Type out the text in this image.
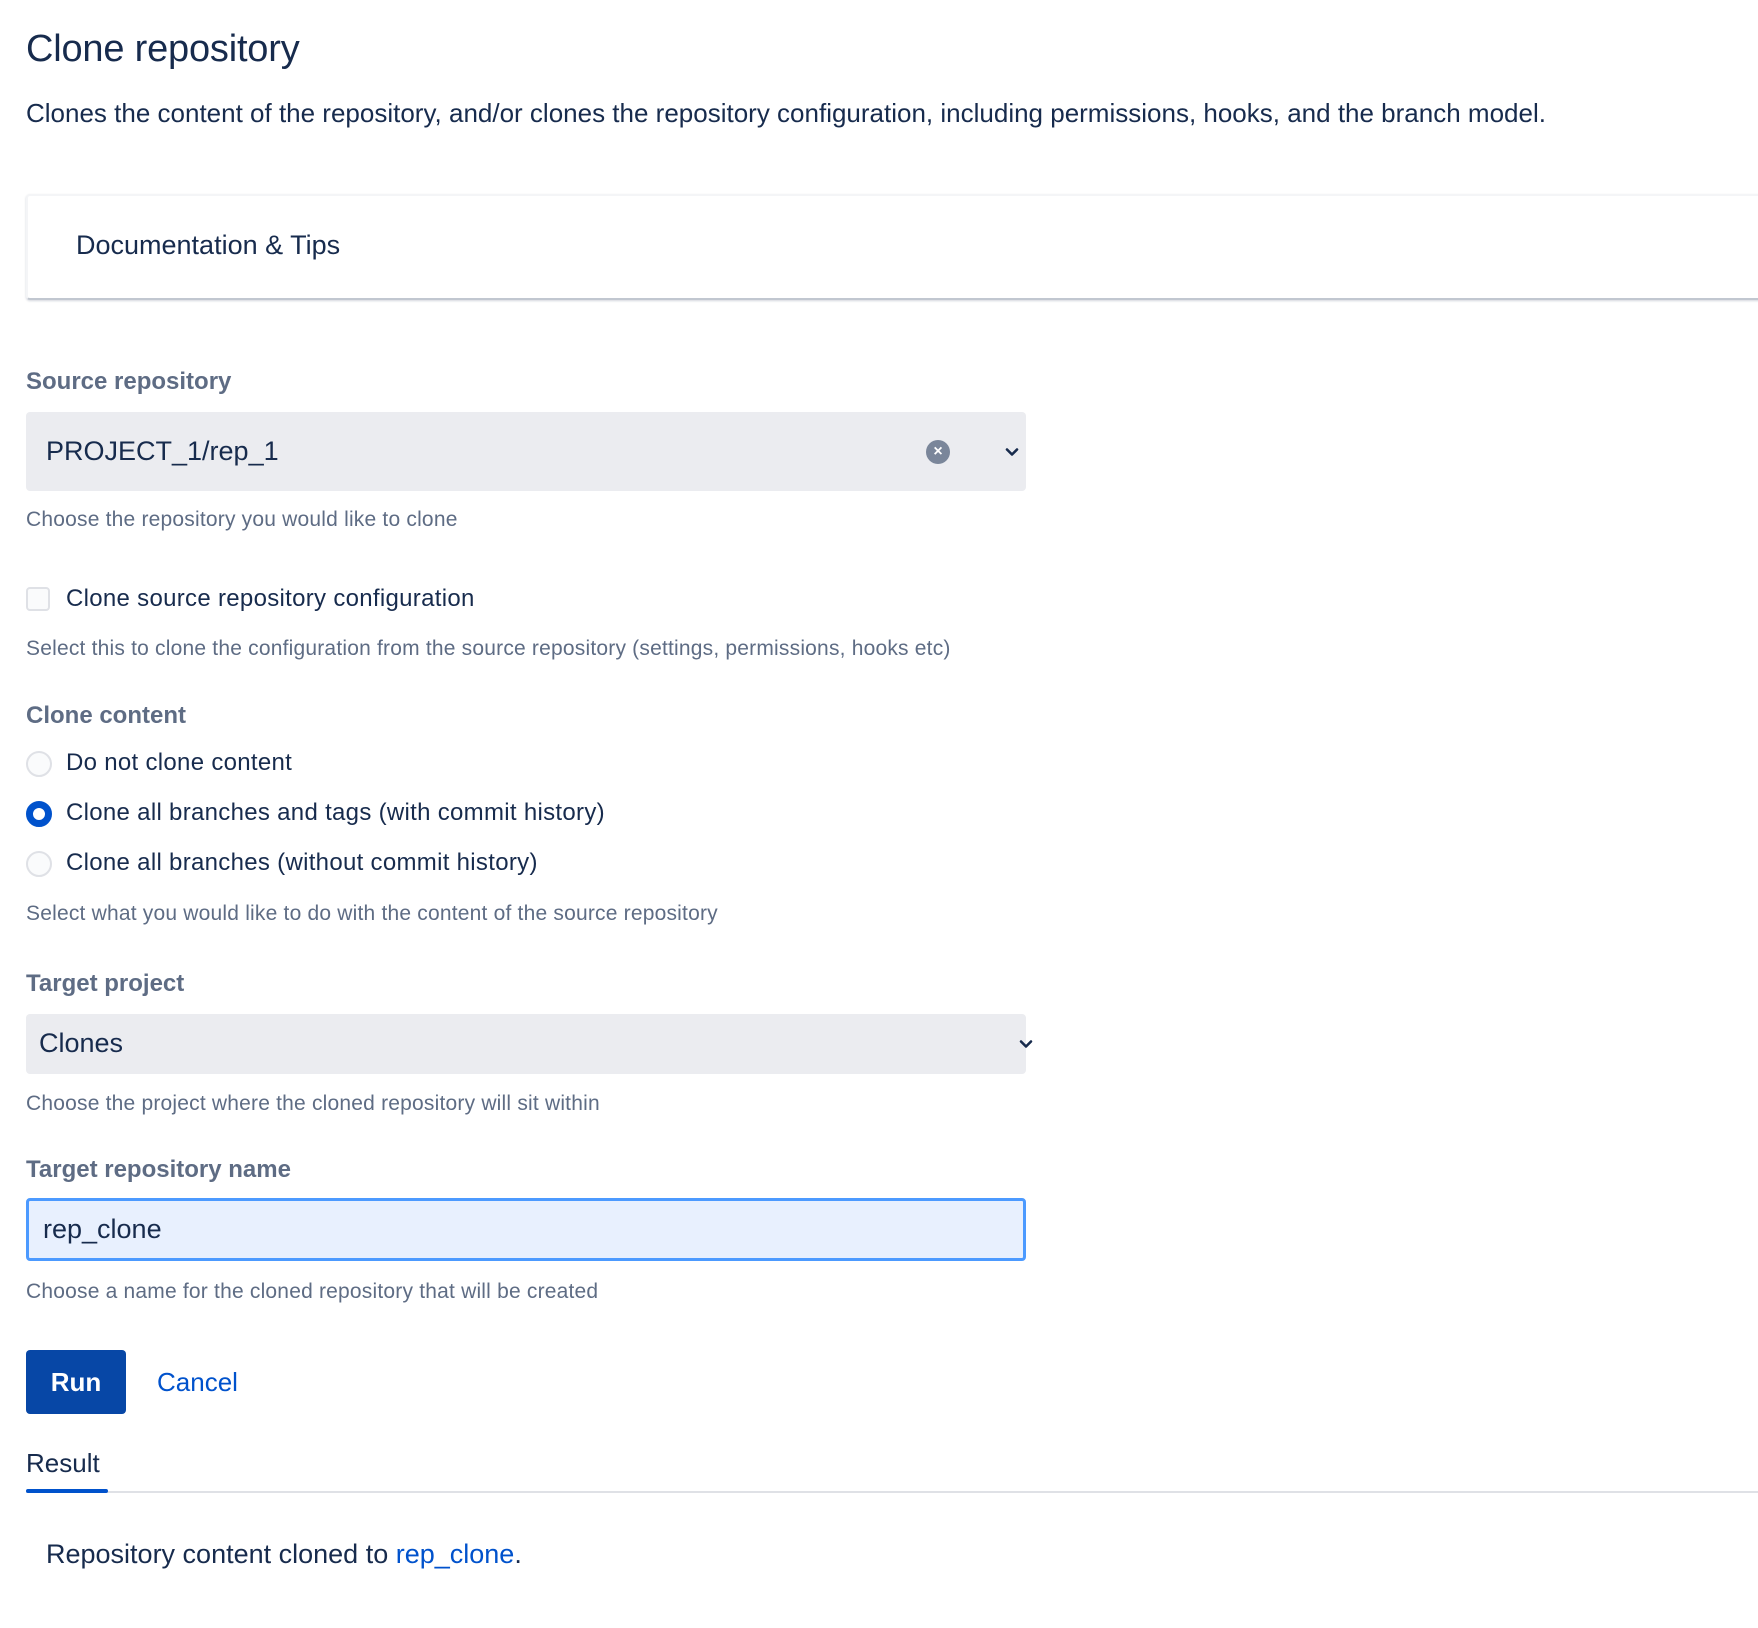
Clone repository
Clones the content of the repository, and/or clones the repository configuration, including permissions, hooks, and the branch model.
Documentation & Tips
Source repository
PROJECT_1/rep_1	×
Choose the repository you would like to clone
Clone source repository configuration
Select this to clone the configuration from the source repository (settings, permissions, hooks etc)
Clone content
Do not clone content
Clone all branches and tags (with commit history)
Clone all branches (without commit history)
Select what you would like to do with the content of the source repository
Target project
Clones
Choose the project where the cloned repository will sit within
Target repository name
rep_clone
Choose a name for the cloned repository that will be created
Run	Cancel
Result
Repository content cloned to rep_clone.
